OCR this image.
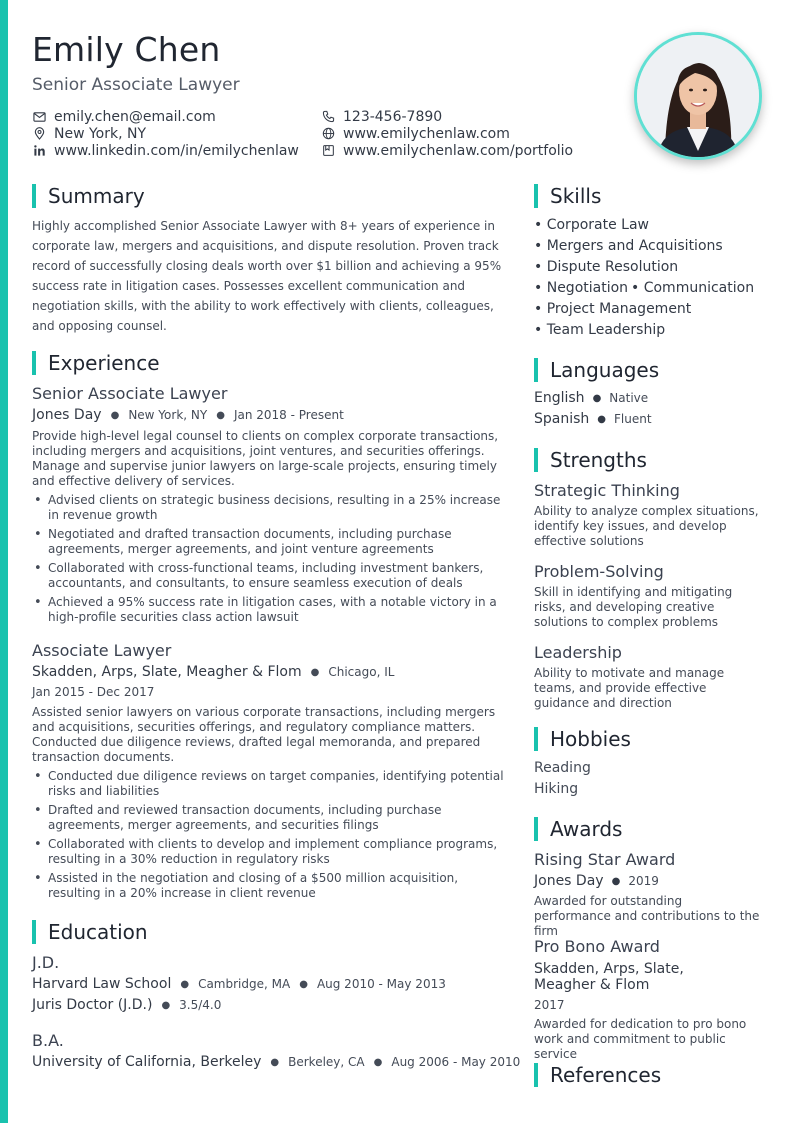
Emily Chen
Senior Associate Lawyer
emily.chen@email.com
New York, NY
www.linkedin.com/in/emilychenlaw
123-456-7890
www.emilychenlaw.com
www.emilychenlaw.com/portfolio
Summary
Highly accomplished Senior Associate Lawyer with 8+ years of experience in corporate law, mergers and acquisitions, and dispute resolution. Proven track record of successfully closing deals worth over $1 billion and achieving a 95% success rate in litigation cases. Possesses excellent communication and negotiation skills, with the ability to work effectively with clients, colleagues, and opposing counsel.
Experience
Senior Associate Lawyer
Jones Day ● New York, NY ● Jan 2018 - Present
Provide high-level legal counsel to clients on complex corporate transactions, including mergers and acquisitions, joint ventures, and securities offerings. Manage and supervise junior lawyers on large-scale projects, ensuring timely and effective delivery of services.
• Advised clients on strategic business decisions, resulting in a 25% increase in revenue growth
• Negotiated and drafted transaction documents, including purchase agreements, merger agreements, and joint venture agreements
• Collaborated with cross-functional teams, including investment bankers, accountants, and consultants, to ensure seamless execution of deals
• Achieved a 95% success rate in litigation cases, with a notable victory in a high-profile securities class action lawsuit
Associate Lawyer
Skadden, Arps, Slate, Meagher & Flom ● Chicago, IL
Jan 2015 - Dec 2017
Assisted senior lawyers on various corporate transactions, including mergers and acquisitions, securities offerings, and regulatory compliance matters. Conducted due diligence reviews, drafted legal memoranda, and prepared transaction documents.
• Conducted due diligence reviews on target companies, identifying potential risks and liabilities
• Drafted and reviewed transaction documents, including purchase agreements, merger agreements, and securities filings
• Collaborated with clients to develop and implement compliance programs, resulting in a 30% reduction in regulatory risks
• Assisted in the negotiation and closing of a $500 million acquisition, resulting in a 20% increase in client revenue
Education
J.D.
Harvard Law School ● Cambridge, MA ● Aug 2010 - May 2013
Juris Doctor (J.D.) ● 3.5/4.0
B.A.
University of California, Berkeley ● Berkeley, CA ● Aug 2006 - May 2010
Skills
• Corporate Law
• Mergers and Acquisitions
• Dispute Resolution
• Negotiation • Communication
• Project Management
• Team Leadership
Languages
English ● Native
Spanish ● Fluent
Strengths
Strategic Thinking
Ability to analyze complex situations, identify key issues, and develop effective solutions
Problem-Solving
Skill in identifying and mitigating risks, and developing creative solutions to complex problems
Leadership
Ability to motivate and manage teams, and provide effective guidance and direction
Hobbies
Reading
Hiking
Awards
Rising Star Award
Jones Day ● 2019
Awarded for outstanding performance and contributions to the firm
Pro Bono Award
Skadden, Arps, Slate,
Meagher & Flom
2017
Awarded for dedication to pro bono work and commitment to public service
References
